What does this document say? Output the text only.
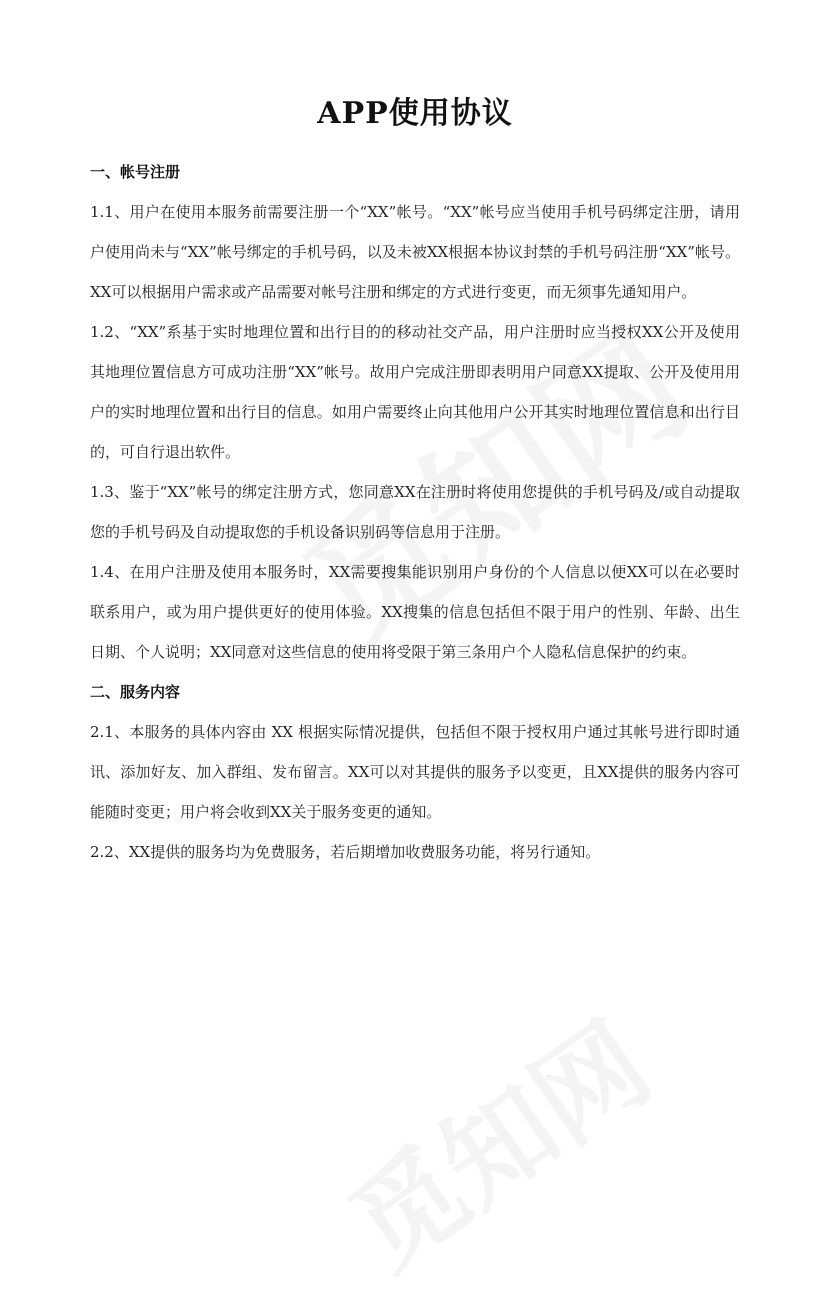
APP使用协议
一、帐号注册

1.1、用户在使用本服务前需要注册一个“XX”帐号。“XX”帐号应当使用手机号码绑定注册，请用户使用尚未与“XX”帐号绑定的手机号码，以及未被XX根据本协议封禁的手机号码注册“XX”帐号。XX可以根据用户需求或产品需要对帐号注册和绑定的方式进行变更，而无须事先通知用户。

1.2、“XX”系基于实时地理位置和出行目的的移动社交产品，用户注册时应当授权XX公开及使用其地理位置信息方可成功注册“XX”帐号。故用户完成注册即表明用户同意XX提取、公开及使用用户的实时地理位置和出行目的信息。如用户需要终止向其他用户公开其实时地理位置信息和出行目的，可自行退出软件。

1.3、鉴于“XX”帐号的绑定注册方式，您同意XX在注册时将使用您提供的手机号码及/或自动提取您的手机号码及自动提取您的手机设备识别码等信息用于注册。

1.4、在用户注册及使用本服务时，XX需要搜集能识别用户身份的个人信息以便XX可以在必要时联系用户，或为用户提供更好的使用体验。XX搜集的信息包括但不限于用户的性别、年龄、出生日期、个人说明；XX同意对这些信息的使用将受限于第三条用户个人隐私信息保护的约束。

二、服务内容

2.1、本服务的具体内容由 XX 根据实际情况提供，包括但不限于授权用户通过其帐号进行即时通讯、添加好友、加入群组、发布留言。XX可以对其提供的服务予以变更，且XX提供的服务内容可能随时变更；用户将会收到XX关于服务变更的通知。

2.2、XX提供的服务均为免费服务，若后期增加收费服务功能，将另行通知。
